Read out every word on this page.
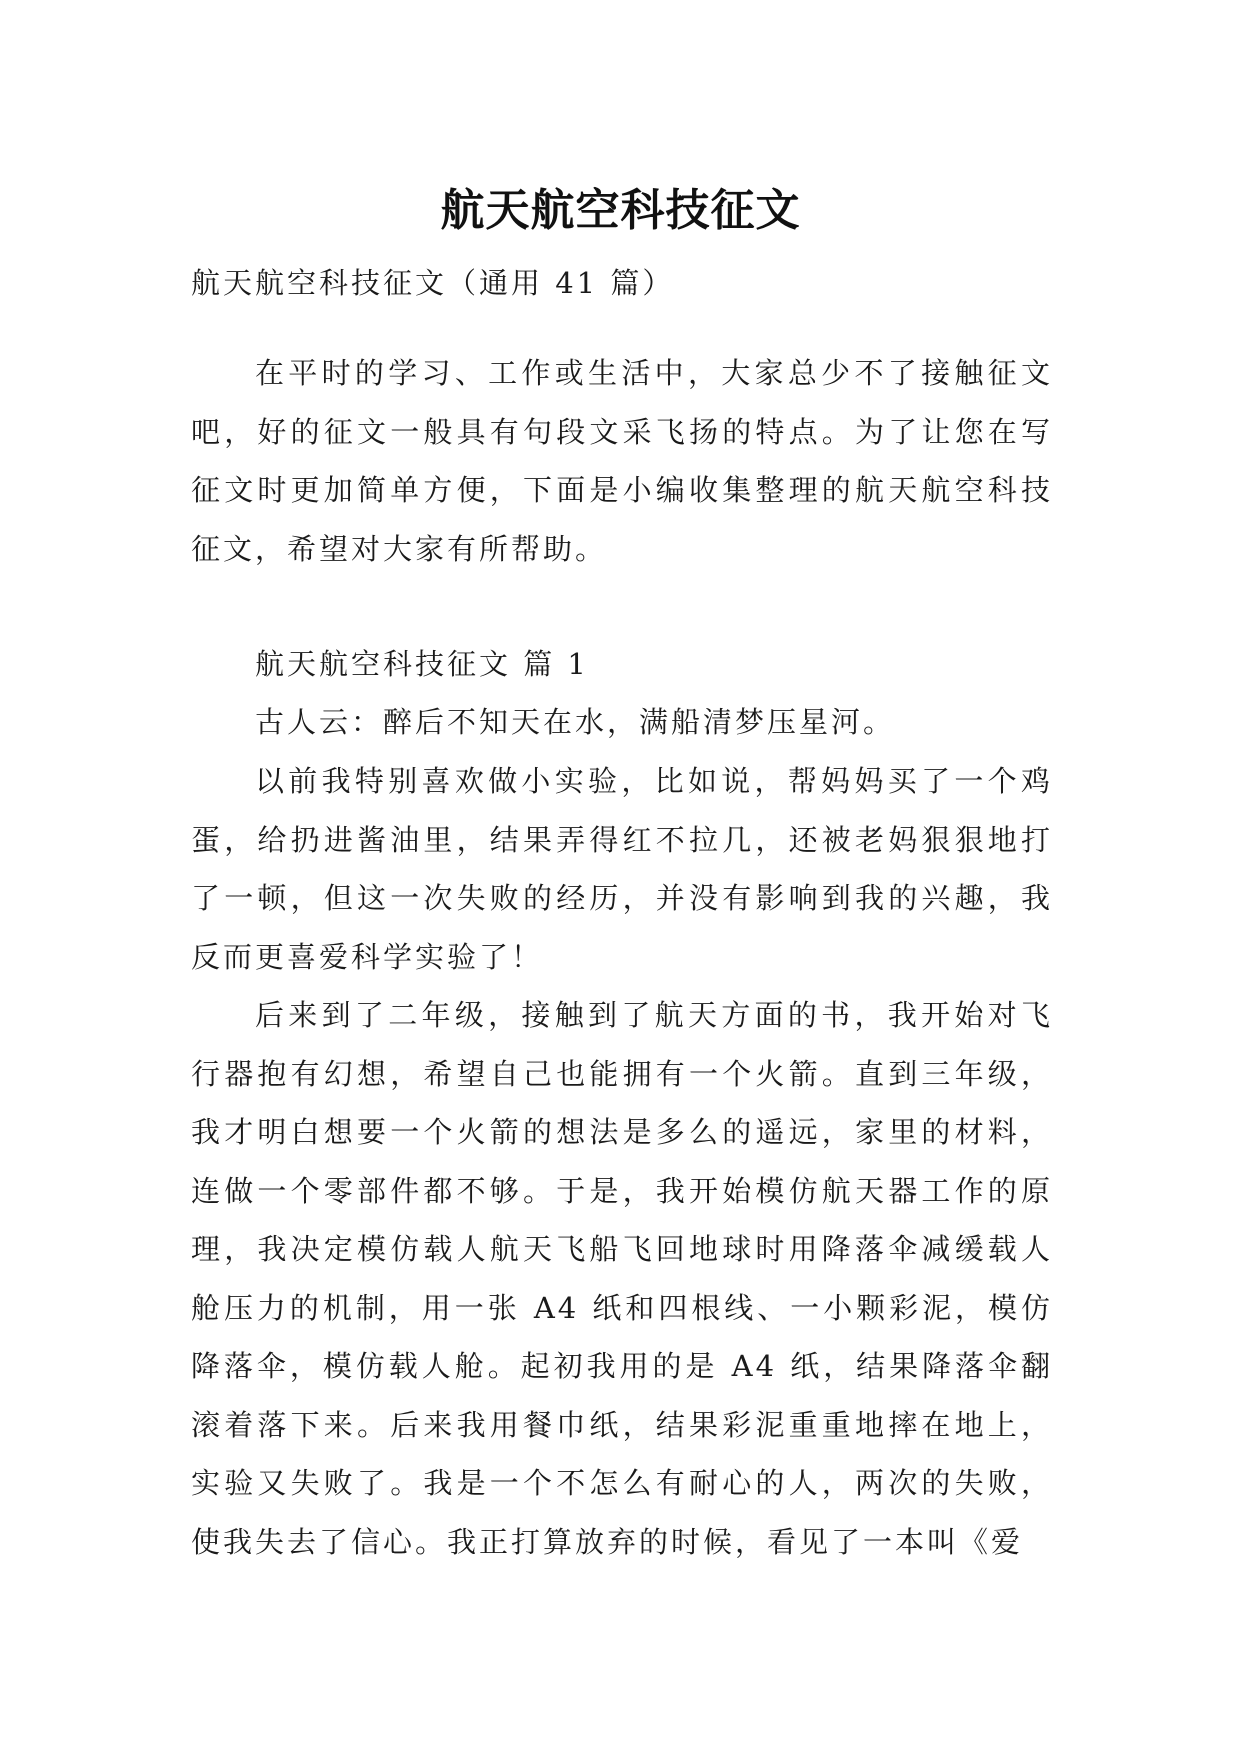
航天航空科技征文

航天航空科技征文（通用 41 篇）

在平时的学习、工作或生活中，大家总少不了接触征文吧，好的征文一般具有句段文采飞扬的特点。为了让您在写征文时更加简单方便，下面是小编收集整理的航天航空科技征文，希望对大家有所帮助。

航天航空科技征文 篇 1

古人云：醉后不知天在水，满船清梦压星河。

以前我特别喜欢做小实验，比如说，帮妈妈买了一个鸡蛋，给扔进酱油里，结果弄得红不拉几，还被老妈狠狠地打了一顿，但这一次失败的经历，并没有影响到我的兴趣，我反而更喜爱科学实验了！

后来到了二年级，接触到了航天方面的书，我开始对飞行器抱有幻想，希望自己也能拥有一个火箭。直到三年级，我才明白想要一个火箭的想法是多么的遥远，家里的材料，连做一个零部件都不够。于是，我开始模仿航天器工作的原理，我决定模仿载人航天飞船飞回地球时用降落伞减缓载人舱压力的机制，用一张 A4 纸和四根线、一小颗彩泥，模仿降落伞，模仿载人舱。起初我用的是 A4 纸，结果降落伞翻滚着落下来。后来我用餐巾纸，结果彩泥重重地摔在地上，实验又失败了。我是一个不怎么有耐心的人，两次的失败，使我失去了信心。我正打算放弃的时候，看见了一本叫《爱
